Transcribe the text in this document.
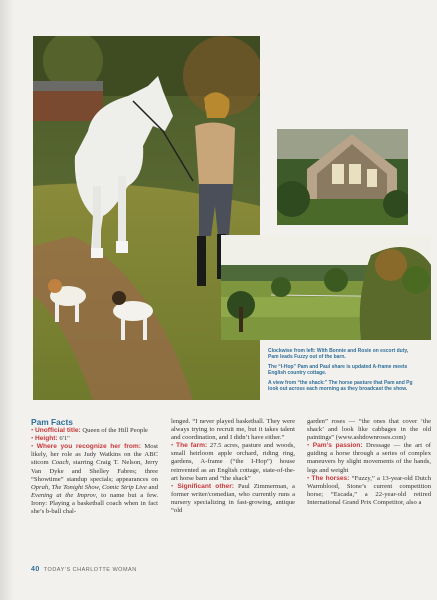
Clockwise from left: With Bonnie and Rosie on escort duty, Pam leads Fuzzy out of the barn.

The “I-Hop” Pam and Paul share is updated A-frame meets English country cottage.

A view from “the shack:” The horse pasture that Pam and Pg look out across each morning as they broadcast the show.

Pam Facts

• Unofficial title: Queen of the Hill People

• Height: 6'1"

• Where you recognize her from: Most likely, her role as Judy Watkins on the ABC sitcom Coach, starring Craig T. Nelson, Jerry Van Dyke and Shelley Fabres; three “Showtime” standup specials; appearances on Oprah, The Tonight Show, Comic Strip Live and Evening at the Improv, to name but a few. Irony: Playing a basketball coach when in fact she’s b-ball chal-

lenged. “I never played basketball. They were always trying to recruit me, but it takes talent and coordination, and I didn’t have either.”

• The farm: 27.5 acres, pasture and woods, small heirloom apple orchard, riding ring, gardens, A-frame (“the I-Hop”) house reinvented as an English cottage, state-of-the-art horse barn and “the shack”

• Significant other: Paul Zimmerman, a former writer/comedian, who currently runs a nursery specializing in fast-growing, antique “old

garden” roses — “the ones that cover ‘the shack’ and look like cabbages in the old paintings” (www.ashdownroses.com)

• Pam’s passion: Dressage — the art of guiding a horse through a series of complex maneuvers by slight movements of the hands, legs and weight

• The horses: “Fuzzy,” a 13-year-old Dutch Warmblood, Stone’s current competition horse; “Escada,” a 22-year-old retired International Grand Prix Competitor, also a

40 TODAY’S CHARLOTTE WOMAN
